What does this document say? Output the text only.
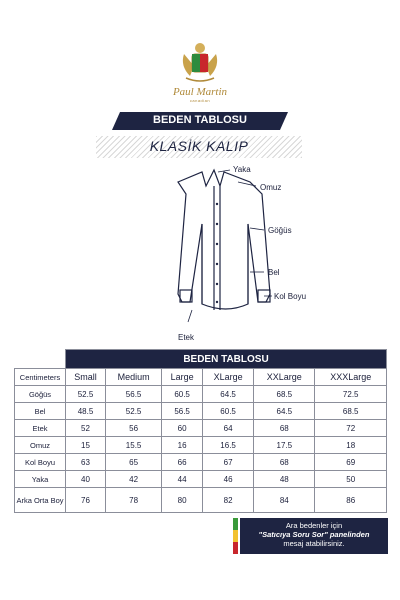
Paul Martin
canadian
BEDEN TABLOSU
KLASİK KALIP
Yaka
Omuz
Göğüs
Bel
Kol Boyu
Etek
	BEDEN TABLOSU					
Centimeters	Small	Medium	Large	XLarge	XXLarge	XXXLarge
Göğüs	52.5	56.5	60.5	64.5	68.5	72.5
Bel	48.5	52.5	56.5	60.5	64.5	68.5
Etek	52	56	60	64	68	72
Omuz	15	15.5	16	16.5	17.5	18
Kol Boyu	63	65	66	67	68	69
Yaka	40	42	44	46	48	50
Arka Orta Boy	76	78	80	82	84	86
Ara bedenler için
"Satıcıya Soru Sor" panelinden
mesaj atabilirsiniz.
